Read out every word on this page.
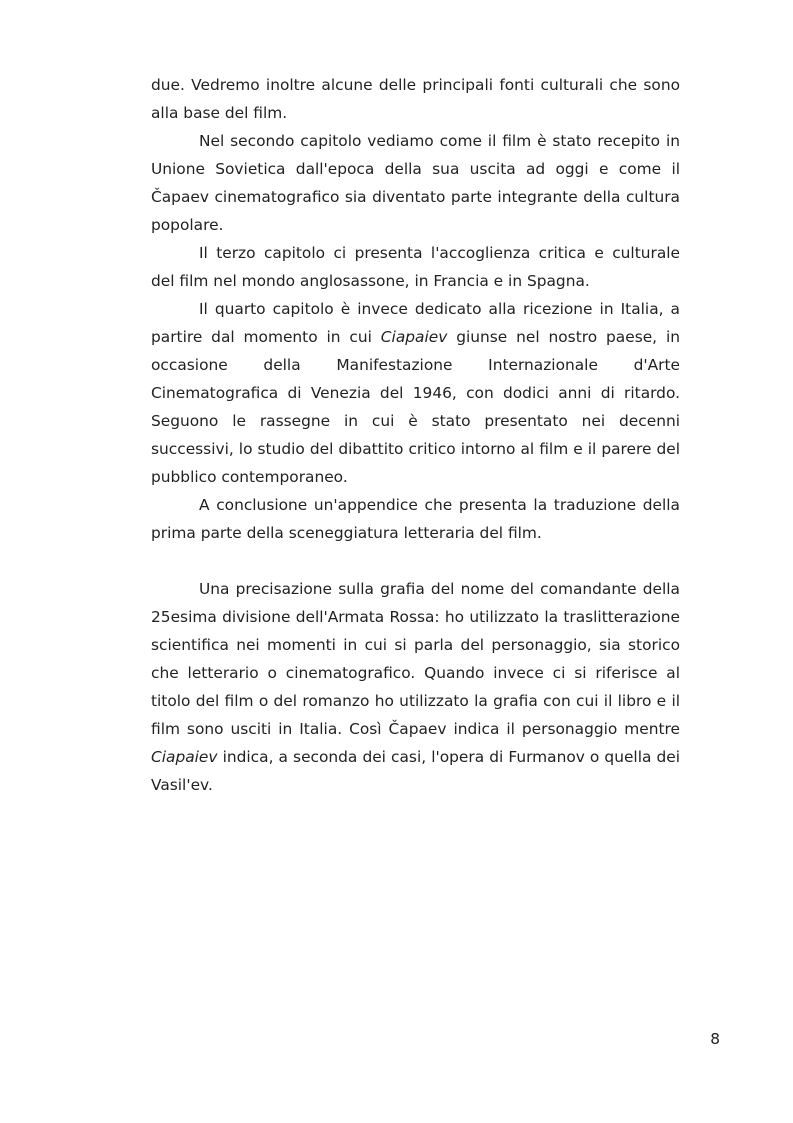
due. Vedremo inoltre alcune delle principali fonti culturali che sono alla base del film.

Nel secondo capitolo vediamo come il film è stato recepito in Unione Sovietica dall'epoca della sua uscita ad oggi e come il Čapaev cinematografico sia diventato parte integrante della cultura popolare.

Il terzo capitolo ci presenta l'accoglienza critica e culturale del film nel mondo anglosassone, in Francia e in Spagna.

Il quarto capitolo è invece dedicato alla ricezione in Italia, a partire dal momento in cui Ciapaiev giunse nel nostro paese, in occasione della Manifestazione Internazionale d'Arte Cinematografica di Venezia del 1946, con dodici anni di ritardo. Seguono le rassegne in cui è stato presentato nei decenni successivi, lo studio del dibattito critico intorno al film e il parere del pubblico contemporaneo.

A conclusione un'appendice che presenta la traduzione della prima parte della sceneggiatura letteraria del film.

Una precisazione sulla grafia del nome del comandante della 25esima divisione dell'Armata Rossa: ho utilizzato la traslitterazione scientifica nei momenti in cui si parla del personaggio, sia storico che letterario o cinematografico. Quando invece ci si riferisce al titolo del film o del romanzo ho utilizzato la grafia con cui il libro e il film sono usciti in Italia. Così Čapaev indica il personaggio mentre Ciapaiev indica, a seconda dei casi, l'opera di Furmanov o quella dei Vasil'ev.

8
